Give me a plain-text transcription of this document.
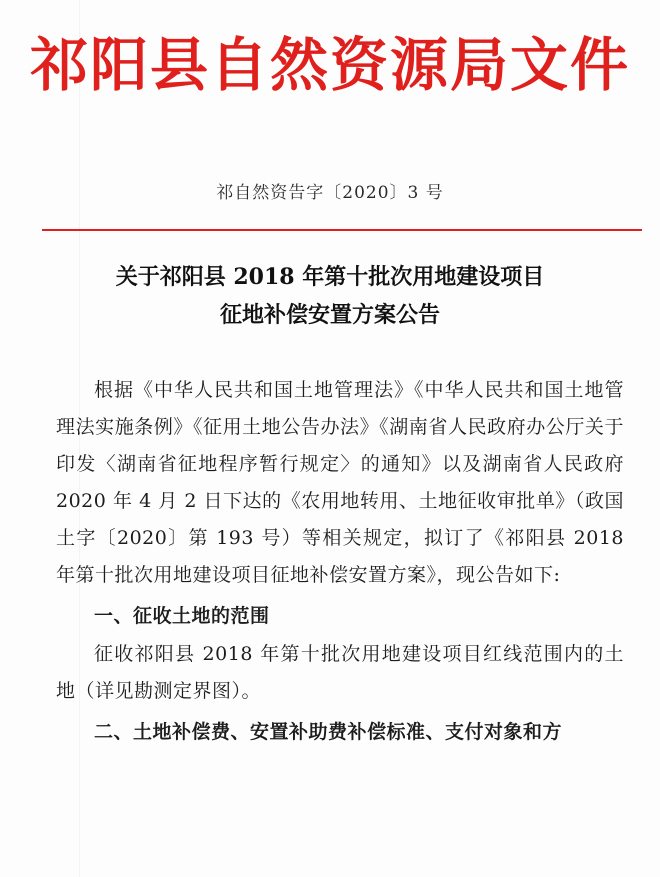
祁阳县自然资源局文件
祁自然资告字〔2020〕3 号
关于祁阳县 2018 年第十批次用地建设项目
征地补偿安置方案公告

根据《中华人民共和国土地管理法》《中华人民共和国土地管理法实施条例》《征用土地公告办法》《湖南省人民政府办公厅关于印发〈湖南省征地程序暂行规定〉的通知》以及湖南省人民政府 2020 年 4 月 2 日下达的《农用地转用、土地征收审批单》（政国土字〔2020〕第 193 号）等相关规定，拟订了《祁阳县 2018 年第十批次用地建设项目征地补偿安置方案》，现公告如下:

一、征收土地的范围

征收祁阳县 2018 年第十批次用地建设项目红线范围内的土地（详见勘测定界图）。

二、土地补偿费、安置补助费补偿标准、支付对象和方
